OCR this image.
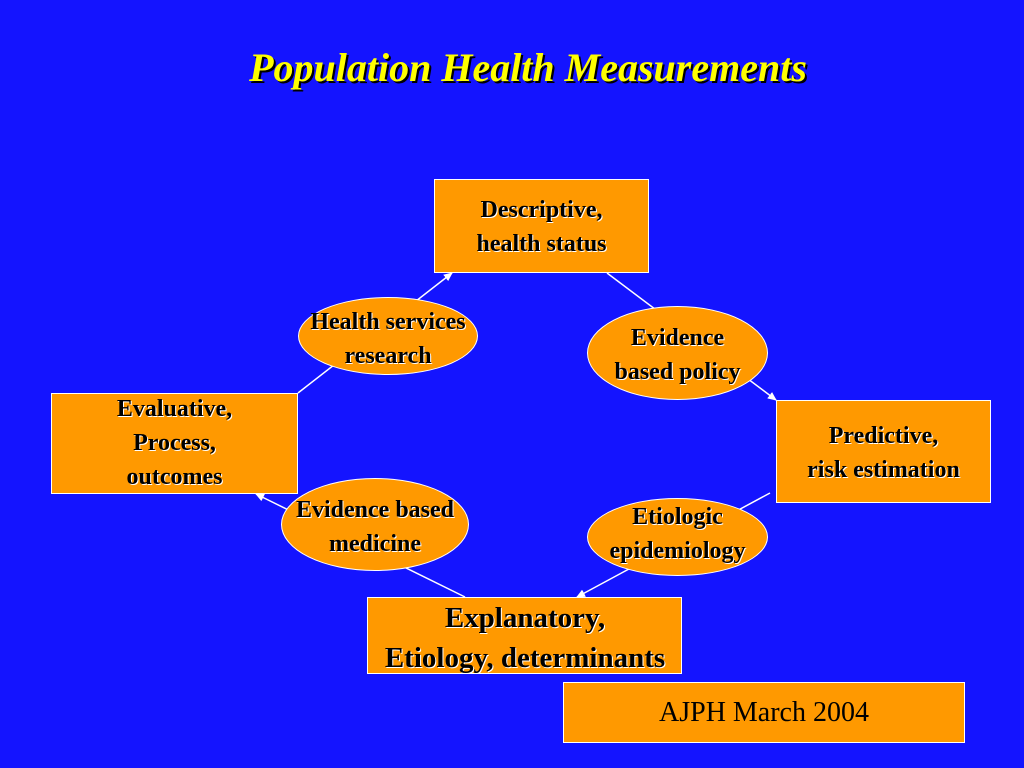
Population Health Measurements
Descriptive,
health status
Predictive,
risk estimation
Explanatory,
Etiology, determinants
Evaluative,
Process,
outcomes
Health services
research
Evidence
based policy
Etiologic
epidemiology
Evidence based
medicine
AJPH March 2004
